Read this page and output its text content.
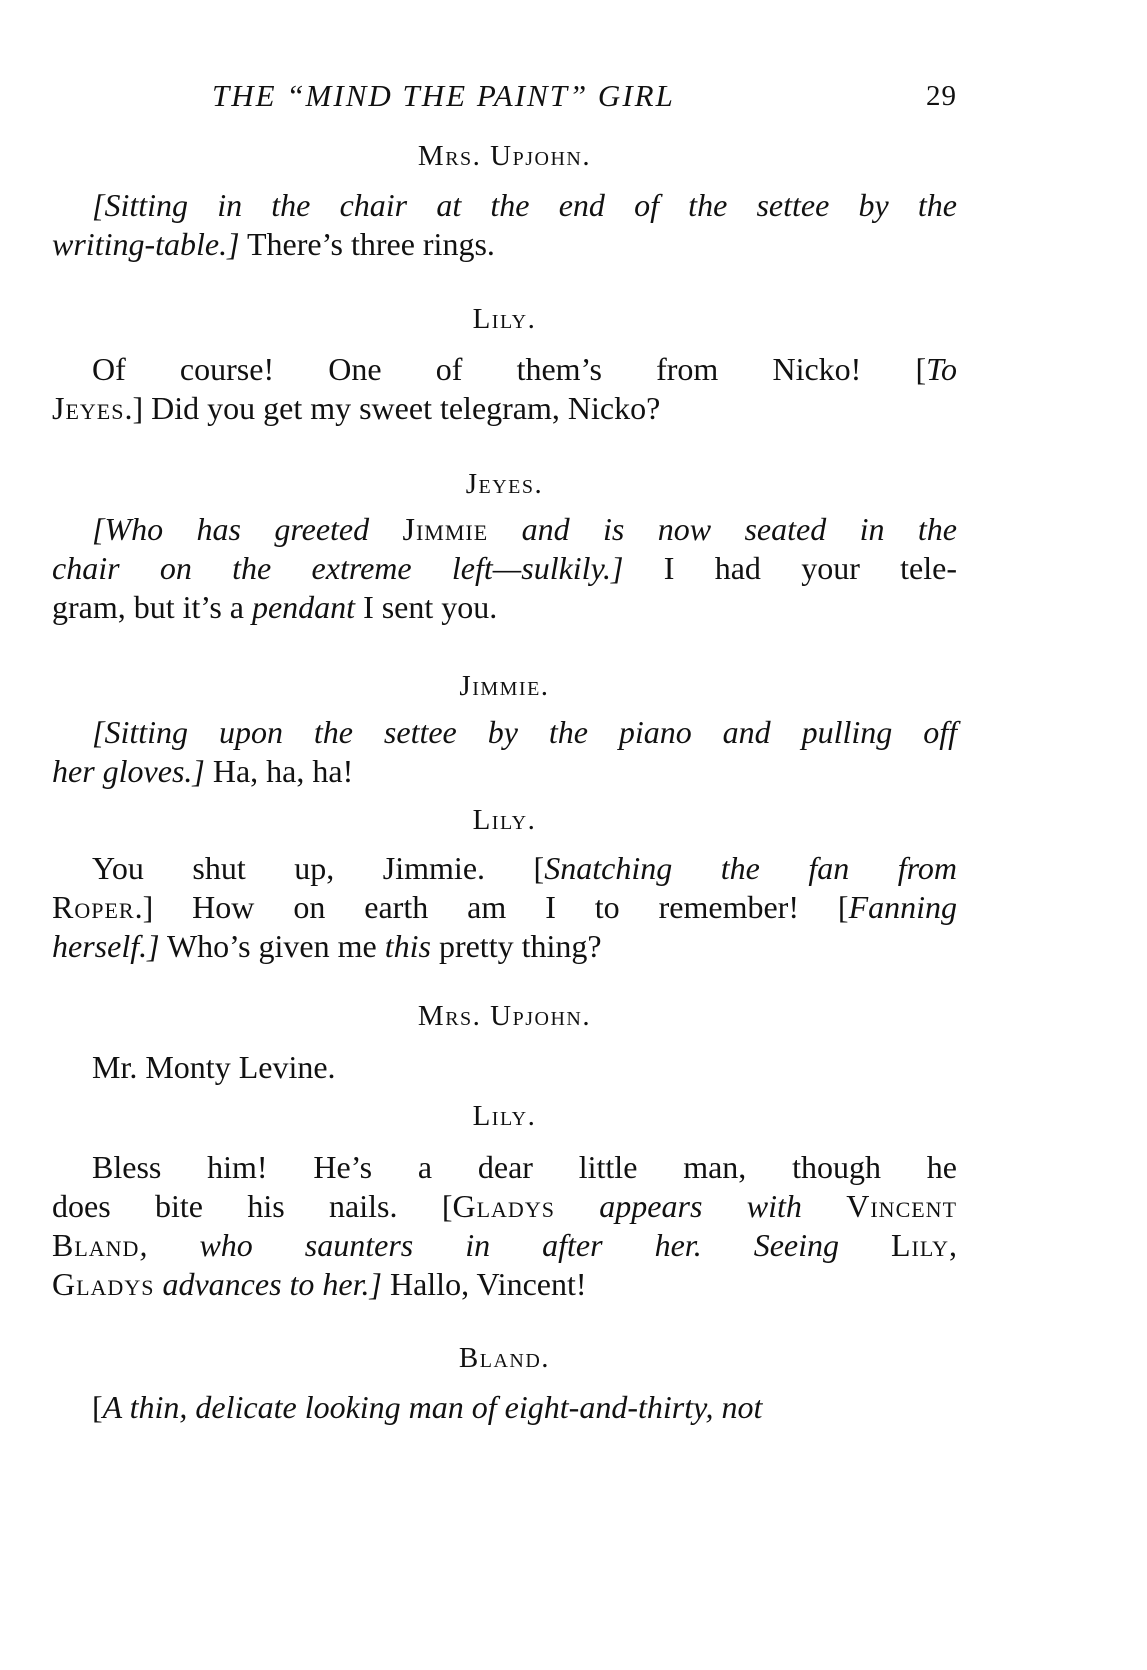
THE “MIND THE PAINT” GIRL	29
Mrs. Upjohn.
[Sitting in the chair at the end of the settee by the
writing-table.] There’s three rings.
Lily.
Of course! One of them’s from Nicko! [To
Jeyes.] Did you get my sweet telegram, Nicko?
Jeyes.
[Who has greeted Jimmie and is now seated in the
chair on the extreme left—sulkily.] I had your tele-
gram, but it’s a pendant I sent you.
Jimmie.
[Sitting upon the settee by the piano and pulling off
her gloves.] Ha, ha, ha!
Lily.
You shut up, Jimmie. [Snatching the fan from
Roper.] How on earth am I to remember! [Fanning
herself.] Who’s given me this pretty thing?
Mrs. Upjohn.
Mr. Monty Levine.
Lily.
Bless him! He’s a dear little man, though he
does bite his nails. [Gladys appears with Vincent
Bland, who saunters in after her. Seeing Lily,
Gladys advances to her.] Hallo, Vincent!
Bland.
[A thin, delicate looking man of eight-and-thirty, not
